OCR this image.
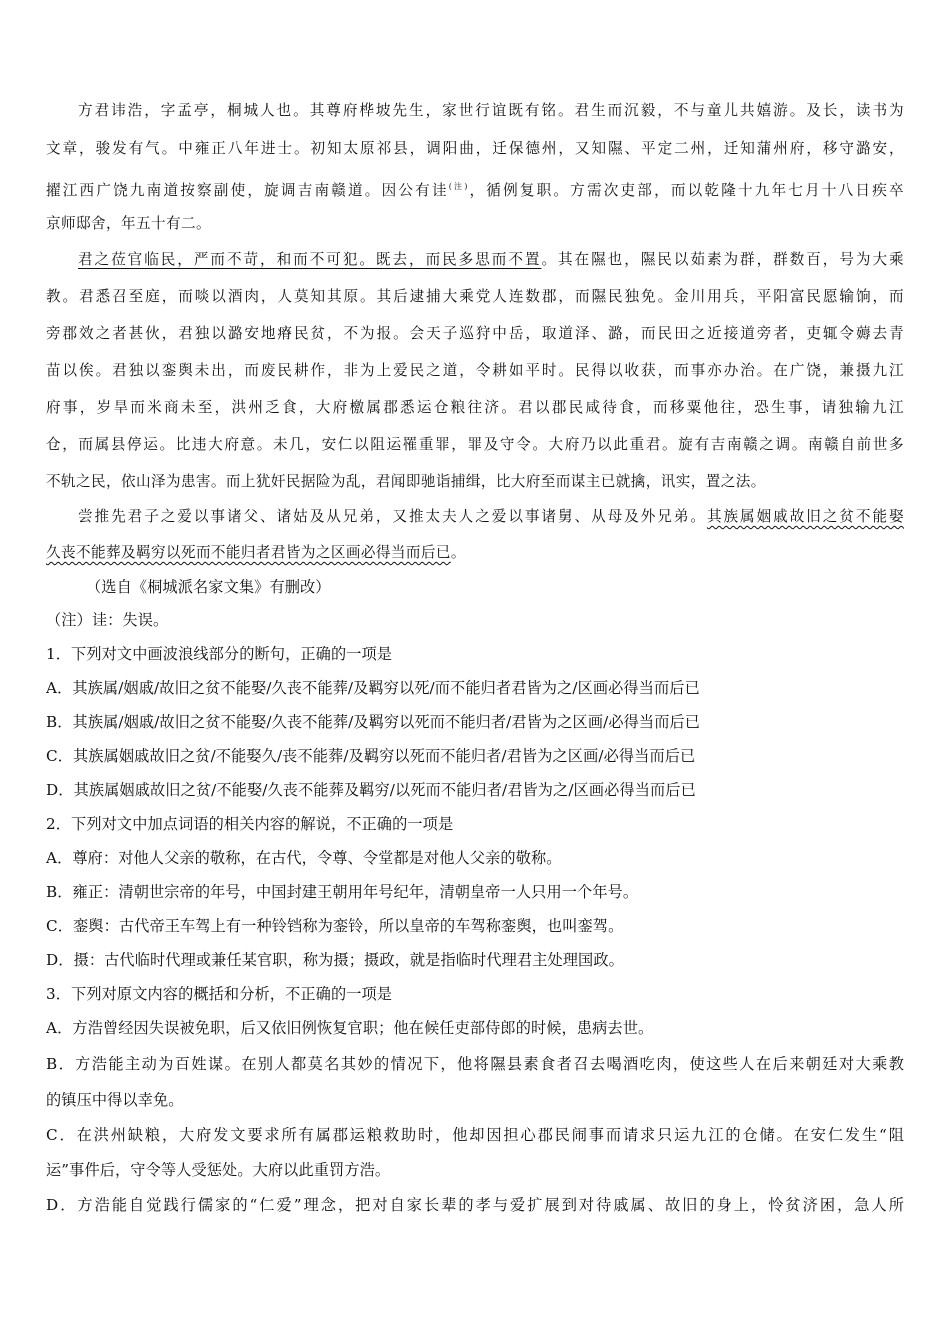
方君讳浩，字孟亭，桐城人也。其尊府桦坡先生，家世行谊既有铭。君生而沉毅，不与童儿共嬉游。及长，读书为
文章，骏发有气。中雍正八年进士。初知太原祁县，调阳曲，迁保德州，又知隰、平定二州，迁知蒲州府，移守潞安，
擢江西广饶九南道按察副使，旋调吉南赣道。因公有诖$^{(注)}$，循例复职。方需次吏部，而以乾隆十九年七月十八日疾卒
京师邸舍，年五十有二。
君之莅官临民，严而不苛，和而不可犯。既去，而民多思而不置。其在隰也，隰民以茹素为群，群数百，号为大乘
教。君悉召至庭，而啖以酒肉，人莫知其原。其后逮捕大乘党人连数郡，而隰民独免。金川用兵，平阳富民愿输饷，而
旁郡效之者甚伙，君独以潞安地瘠民贫，不为报。会天子巡狩中岳，取道泽、潞，而民田之近接道旁者，吏辄令薅去青
苗以俟。君独以銮舆未出，而废民耕作，非为上爱民之道，令耕如平时。民得以收获，而事亦办治。在广饶，兼摄九江
府事，岁旱而米商未至，洪州乏食，大府檄属郡悉运仓粮往济。君以郡民咸待食，而移粟他往，恐生事，请独输九江
仓，而属县停运。比违大府意。未几，安仁以阻运罹重罪，罪及守令。大府乃以此重君。旋有吉南赣之调。南赣自前世多
不轨之民，依山泽为患害。而上犹奸民据险为乱，君闻即驰诣捕缉，比大府至而谋主已就擒，讯实，置之法。
尝推先君子之爱以事诸父、诸姑及从兄弟，又推太夫人之爱以事诸舅、从母及外兄弟。其族属姻戚故旧之贫不能娶
久丧不能葬及羁穷以死而不能归者君皆为之区画必得当而后已。
（选自《桐城派名家文集》有删改）
（注）诖：失误。
1．下列对文中画波浪线部分的断句，正确的一项是
A．其族属/姻戚/故旧之贫不能娶/久丧不能葬/及羁穷以死/而不能归者君皆为之/区画必得当而后已
B．其族属/姻戚/故旧之贫不能娶/久丧不能葬/及羁穷以死而不能归者/君皆为之区画/必得当而后已
C．其族属姻戚故旧之贫/不能娶久/丧不能葬/及羁穷以死而不能归者/君皆为之区画/必得当而后已
D．其族属姻戚故旧之贫/不能娶/久丧不能葬及羁穷/以死而不能归者/君皆为之/区画必得当而后已
2．下列对文中加点词语的相关内容的解说，不正确的一项是
A．尊府：对他人父亲的敬称，在古代，令尊、令堂都是对他人父亲的敬称。
B．雍正：清朝世宗帝的年号，中国封建王朝用年号纪年，清朝皇帝一人只用一个年号。
C．銮舆：古代帝王车驾上有一种铃铛称为銮铃，所以皇帝的车驾称銮舆，也叫銮驾。
D．摄：古代临时代理或兼任某官职，称为摄；摄政，就是指临时代理君主处理国政。
3．下列对原文内容的概括和分析，不正确的一项是
A．方浩曾经因失误被免职，后又依旧例恢复官职；他在候任吏部侍郎的时候，患病去世。
B．方浩能主动为百姓谋。在别人都莫名其妙的情况下，他将隰县素食者召去喝酒吃肉，使这些人在后来朝廷对大乘教
的镇压中得以幸免。
C．在洪州缺粮，大府发文要求所有属郡运粮救助时，他却因担心郡民闹事而请求只运九江的仓储。在安仁发生“阻
运”事件后，守令等人受惩处。大府以此重罚方浩。
D．方浩能自觉践行儒家的“仁爱”理念，把对自家长辈的孝与爱扩展到对待戚属、故旧的身上，怜贫济困，急人所
